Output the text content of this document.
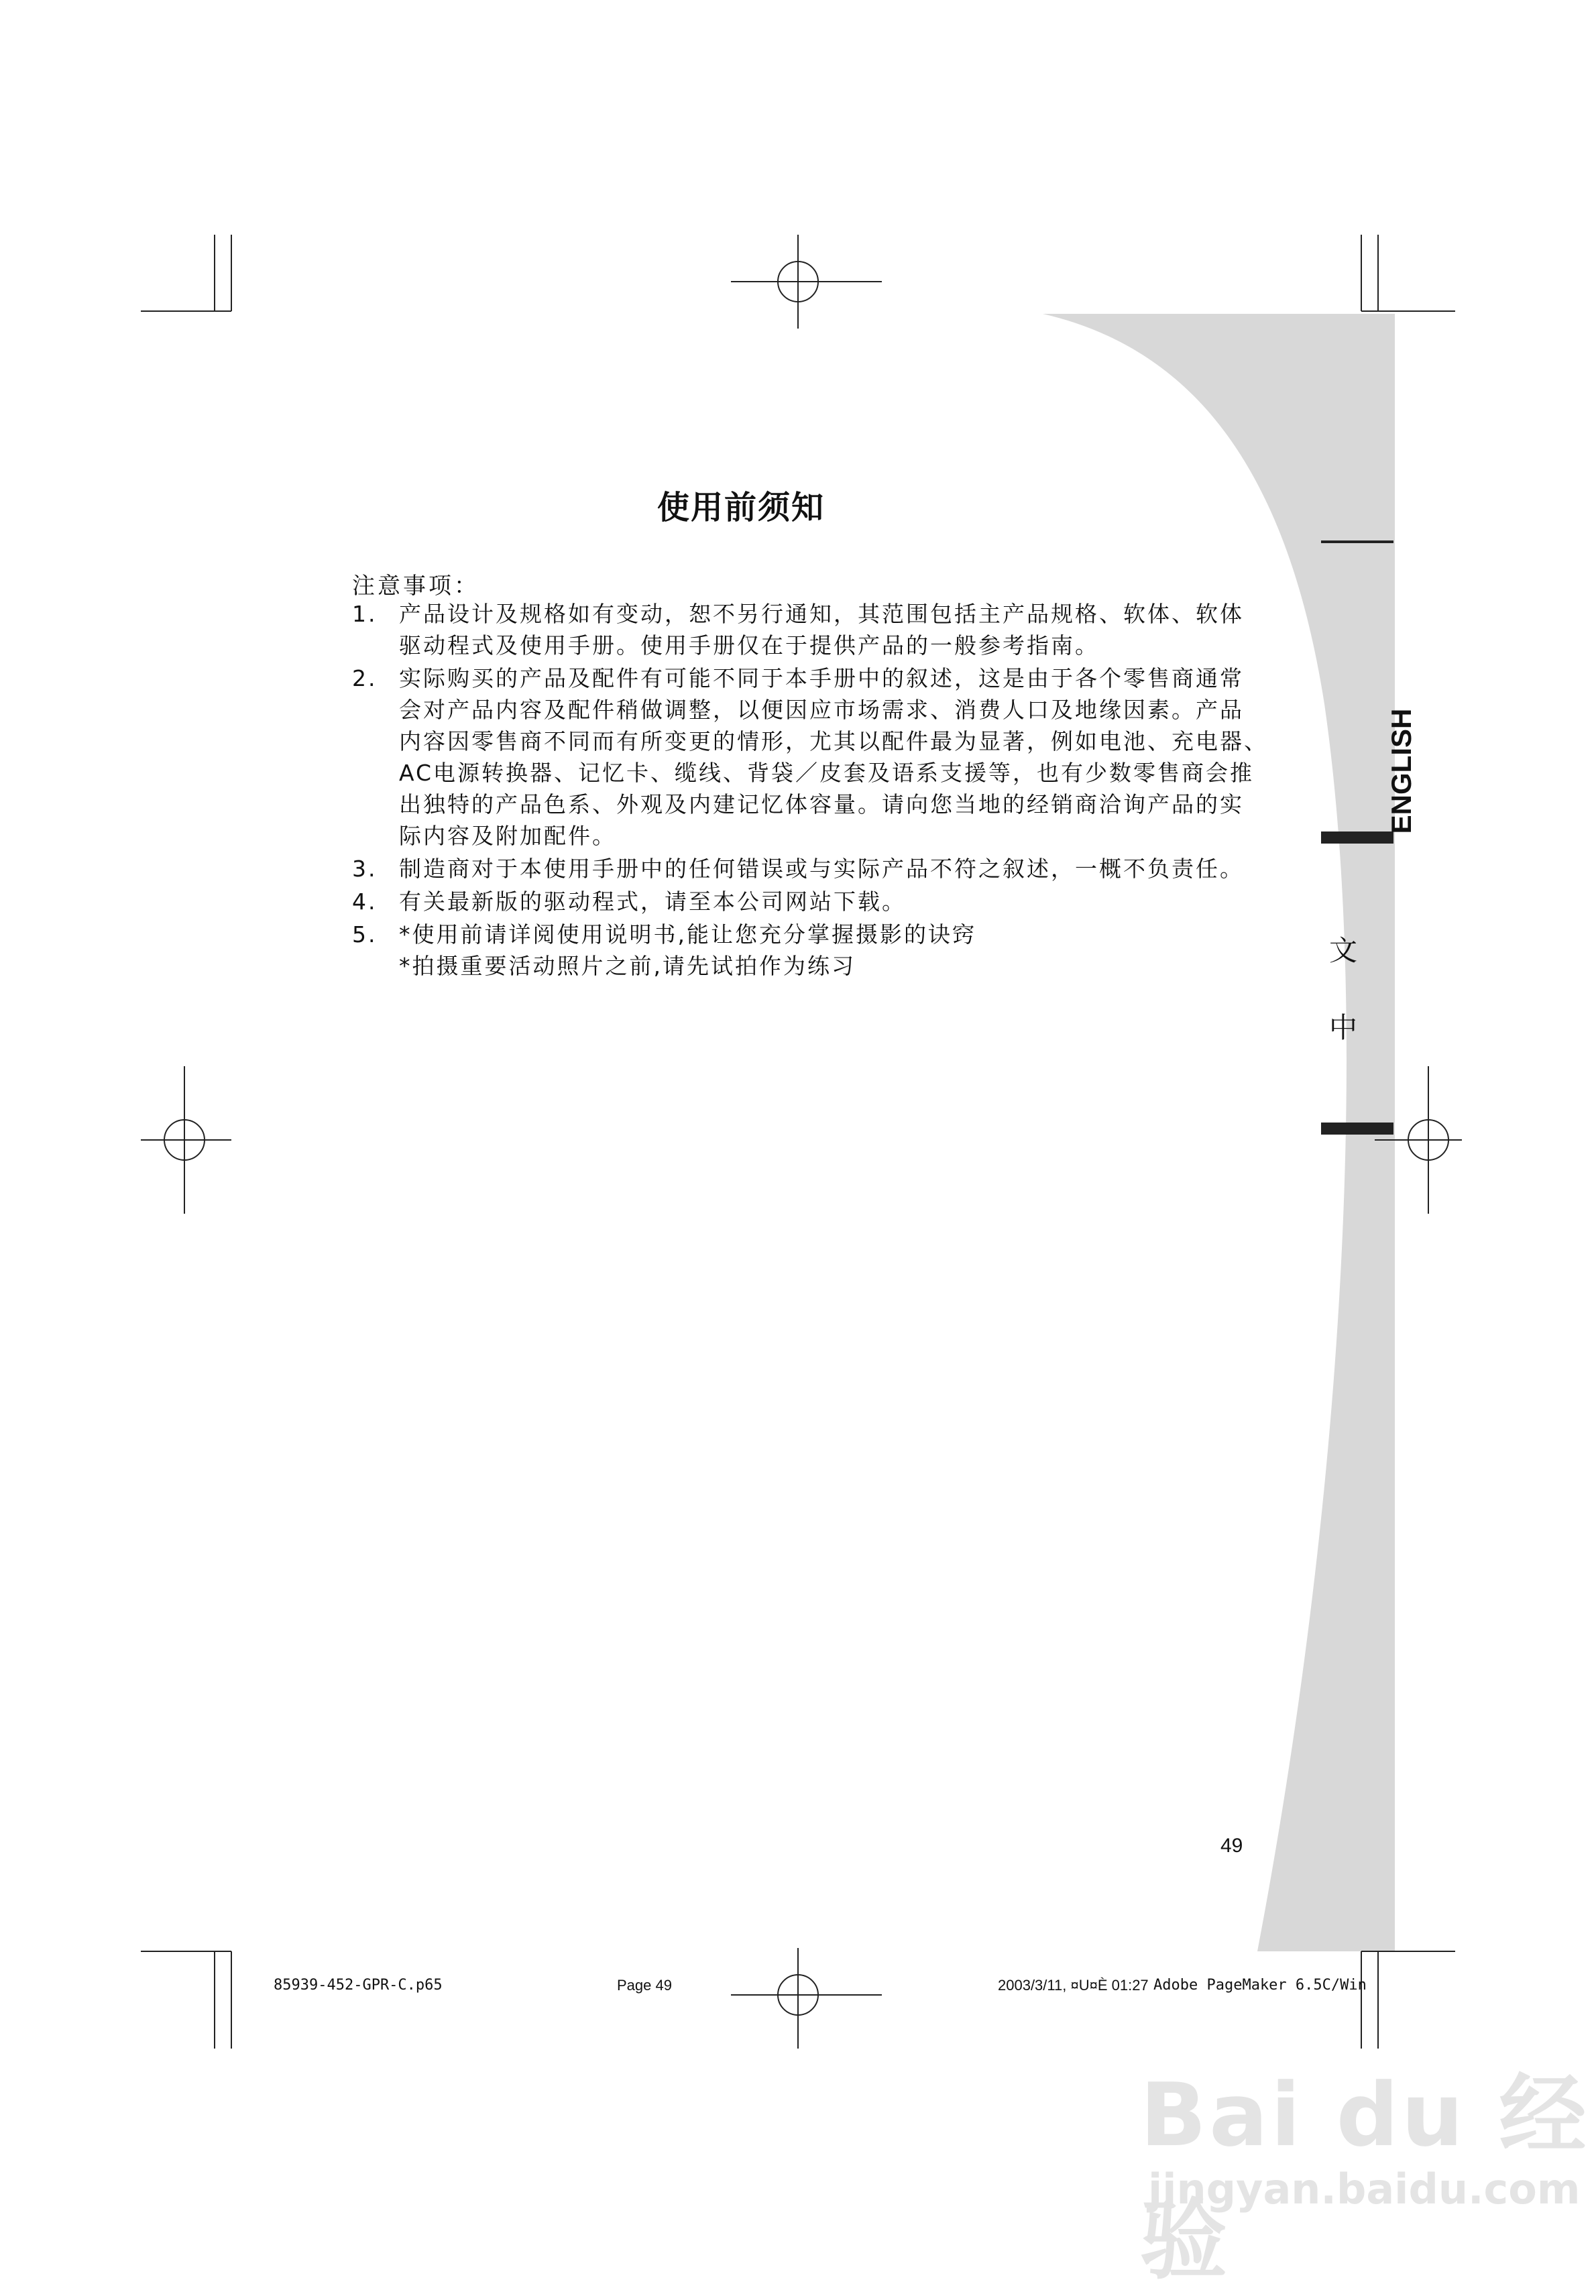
使用前须知
注意事项：
1. 产品设计及规格如有变动，恕不另行通知，其范围包括主产品规格、软体、软体
驱动程式及使用手册。使用手册仅在于提供产品的一般参考指南。
2. 实际购买的产品及配件有可能不同于本手册中的叙述，这是由于各个零售商通常
会对产品内容及配件稍做调整，以便因应市场需求、消费人口及地缘因素。产品
内容因零售商不同而有所变更的情形，尤其以配件最为显著，例如电池、充电器、
AC电源转换器、记忆卡、缆线、背袋／皮套及语系支援等，也有少数零售商会推
出独特的产品色系、外观及内建记忆体容量。请向您当地的经销商洽询产品的实
际内容及附加配件。
3. 制造商对于本使用手册中的任何错误或与实际产品不符之叙述，一概不负责任。
4. 有关最新版的驱动程式，请至本公司网站下载。
5. *使用前请详阅使用说明书,能让您充分掌握摄影的诀窍
*拍摄重要活动照片之前,请先试拍作为练习
ENGLISH
文
中
49
85939-452-GPR-C.p65	Page 49	2003/3/11, ¤U¤È 01:27 Adobe PageMaker 6.5C/Win
Bai du 经验
jingyan.baidu.com
